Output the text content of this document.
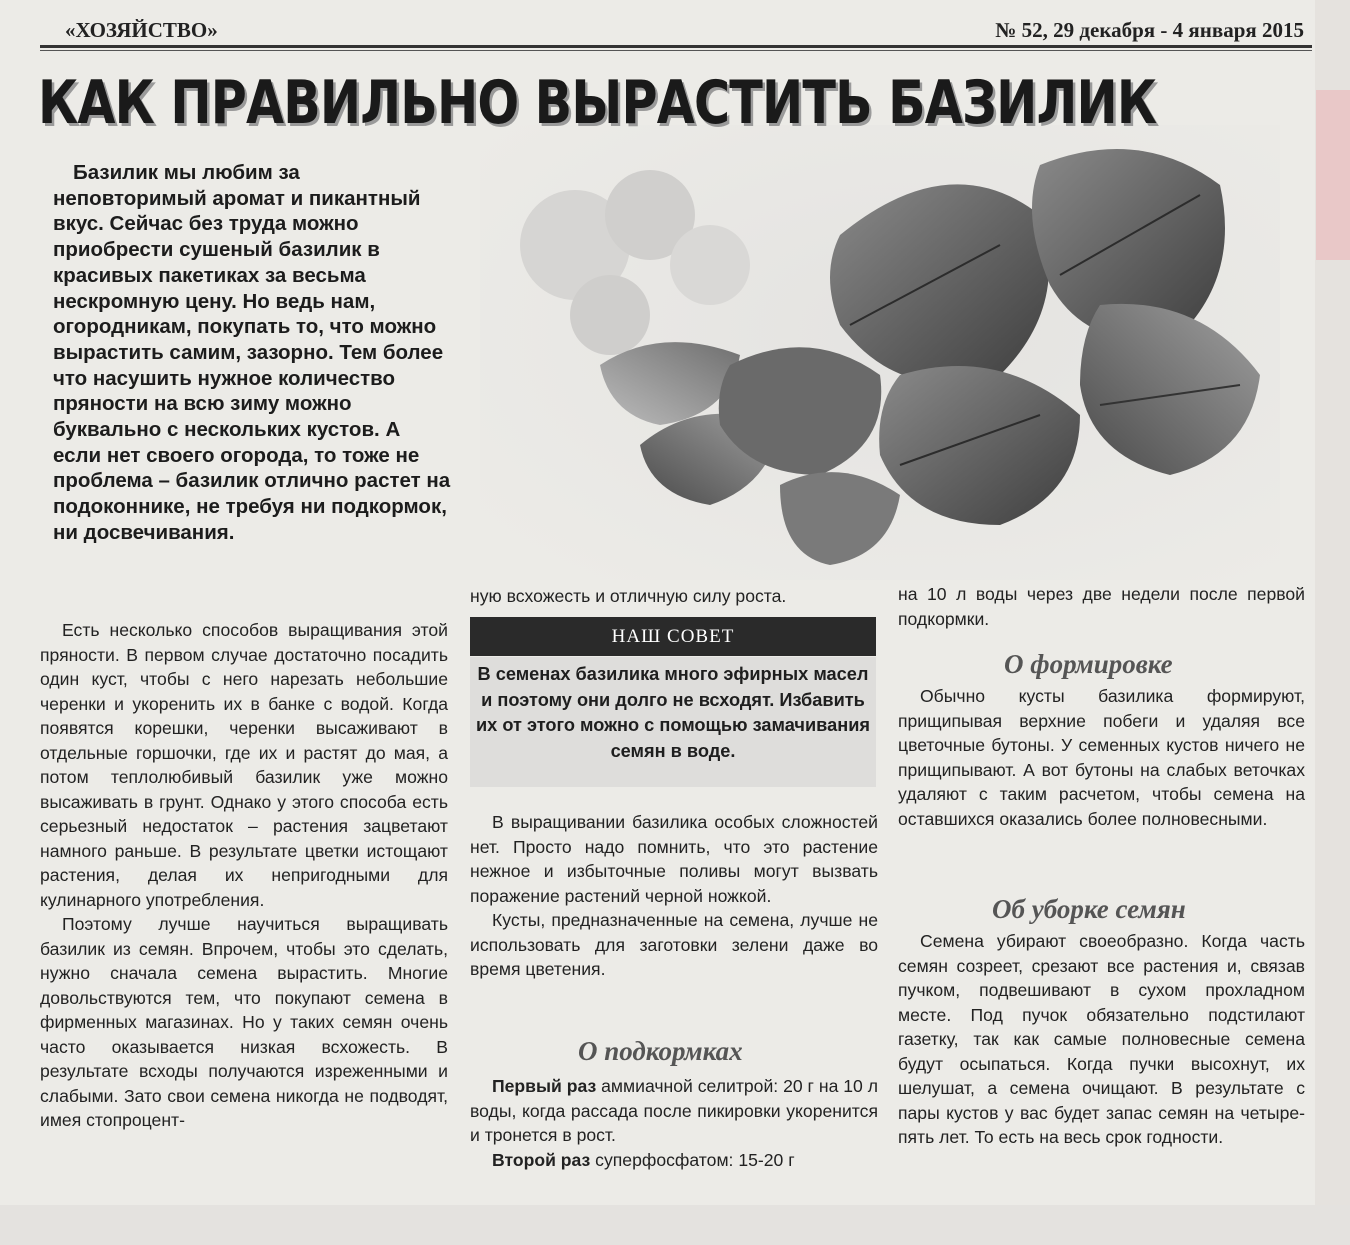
«ХОЗЯЙСТВО»	№ 52, 29 декабря - 4 января 2015
КАК ПРАВИЛЬНО ВЫРАСТИТЬ БАЗИЛИК

Базилик мы любим за неповторимый аромат и пикантный вкус. Сейчас без труда можно приобрести сушеный базилик в красивых пакетиках за весьма нескромную цену. Но ведь нам, огородникам, покупать то, что можно вырастить самим, зазорно. Тем более что насушить нужное количество пряности на всю зиму можно буквально с нескольких кустов. А если нет своего огорода, то тоже не проблема – базилик отлично растет на подоконнике, не требуя ни подкормок, ни досвечивания.

Есть несколько способов выращивания этой пряности. В первом случае достаточно посадить один куст, чтобы с него нарезать небольшие черенки и укоренить их в банке с водой. Когда появятся корешки, черенки высаживают в отдельные горшочки, где их и растят до мая, а потом теплолюбивый базилик уже можно высаживать в грунт. Однако у этого способа есть серьезный недостаток – растения зацветают намного раньше. В результате цветки истощают растения, делая их непригодными для кулинарного употребления.

Поэтому лучше научиться выращивать базилик из семян. Впрочем, чтобы это сделать, нужно сначала семена вырастить. Многие довольствуются тем, что покупают семена в фирменных магазинах. Но у таких семян очень часто оказывается низкая всхожесть. В результате всходы получаются изреженными и слабыми. Зато свои семена никогда не подводят, имея стопроцент-

ную всхожесть и отличную силу роста.

НАШ СОВЕТ

В семенах базилика много эфирных масел и поэтому они долго не всходят. Избавить их от этого можно с помощью замачивания семян в воде.

В выращивании базилика особых сложностей нет. Просто надо помнить, что это растение нежное и избыточные поливы могут вызвать поражение растений черной ножкой.

Кусты, предназначенные на семена, лучше не использовать для заготовки зелени даже во время цветения.

О подкормках

Первый раз аммиачной селитрой: 20 г на 10 л воды, когда рассада после пикировки укоренится и тронется в рост.

Второй раз суперфосфатом: 15-20 г

на 10 л воды через две недели после первой подкормки.

О формировке

Обычно кусты базилика формируют, прищипывая верхние побеги и удаляя все цветочные бутоны. У семенных кустов ничего не прищипывают. А вот бутоны на слабых веточках удаляют с таким расчетом, чтобы семена на оставшихся оказались более полновесными.

Об уборке семян

Семена убирают своеобразно. Когда часть семян созреет, срезают все растения и, связав пучком, подвешивают в сухом прохладном месте. Под пучок обязательно подстилают газетку, так как самые полновесные семена будут осыпаться. Когда пучки высохнут, их шелушат, а семена очищают. В результате с пары кустов у вас будет запас семян на четыре-пять лет. То есть на весь срок годности.
